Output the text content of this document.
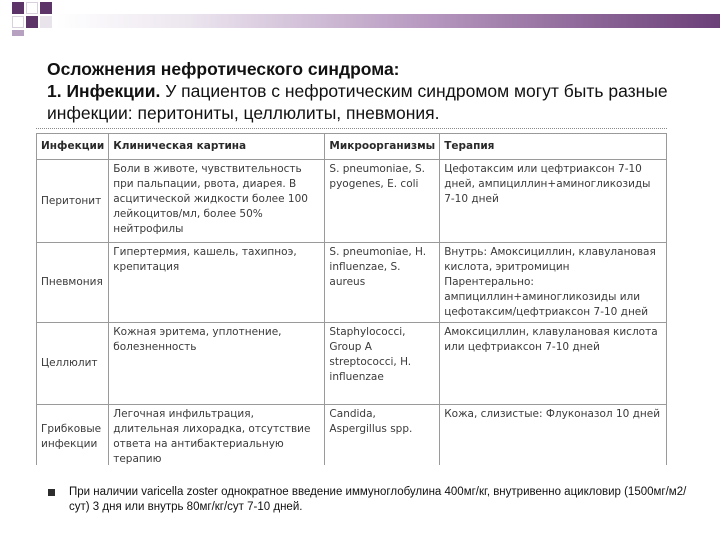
Осложнения нефротического синдрома:
1. Инфекции. У пациентов с нефротическим синдромом могут быть разные инфекции: перитониты, целлюлиты, пневмония.
Инфекции	Клиническая картина	Микроорганизмы	Терапия
Перитонит	Боли в животе, чувствительность при пальпации, рвота, диарея. В асцитической жидкости более 100 лейкоцитов/мл, более 50% нейтрофилы	S. pneumoniae, S. pyogenes, E. coli	Цефотаксим или цефтриаксон 7-10 дней, ампициллин+аминогликозиды 7-10 дней
Пневмония	Гипертермия, кашель, тахипноэ, крепитация	S. pneumoniae, H. influenzae, S. aureus	Внутрь: Амоксициллин, клавулановая кислота, эритромицин Парентерально: ампициллин+аминогликозиды или цефотаксим/цефтриаксон 7-10 дней
Целлюлит	Кожная эритема, уплотнение, болезненность	Staphylococci, Group A streptococci, H. influenzae	Амоксициллин, клавулановая кислота или цефтриаксон 7-10 дней
Грибковые инфекции	Легочная инфильтрация, длительная лихорадка, отсутствие ответа на антибактериальную терапию	Candida, Aspergillus spp.	Кожа, слизистые: Флуконазол 10 дней
При наличии varicella zoster однократное введение иммуноглобулина 400мг/кг, внутривенно ацикловир (1500мг/м2/сут) 3 дня или внутрь 80мг/кг/сут 7-10 дней.
